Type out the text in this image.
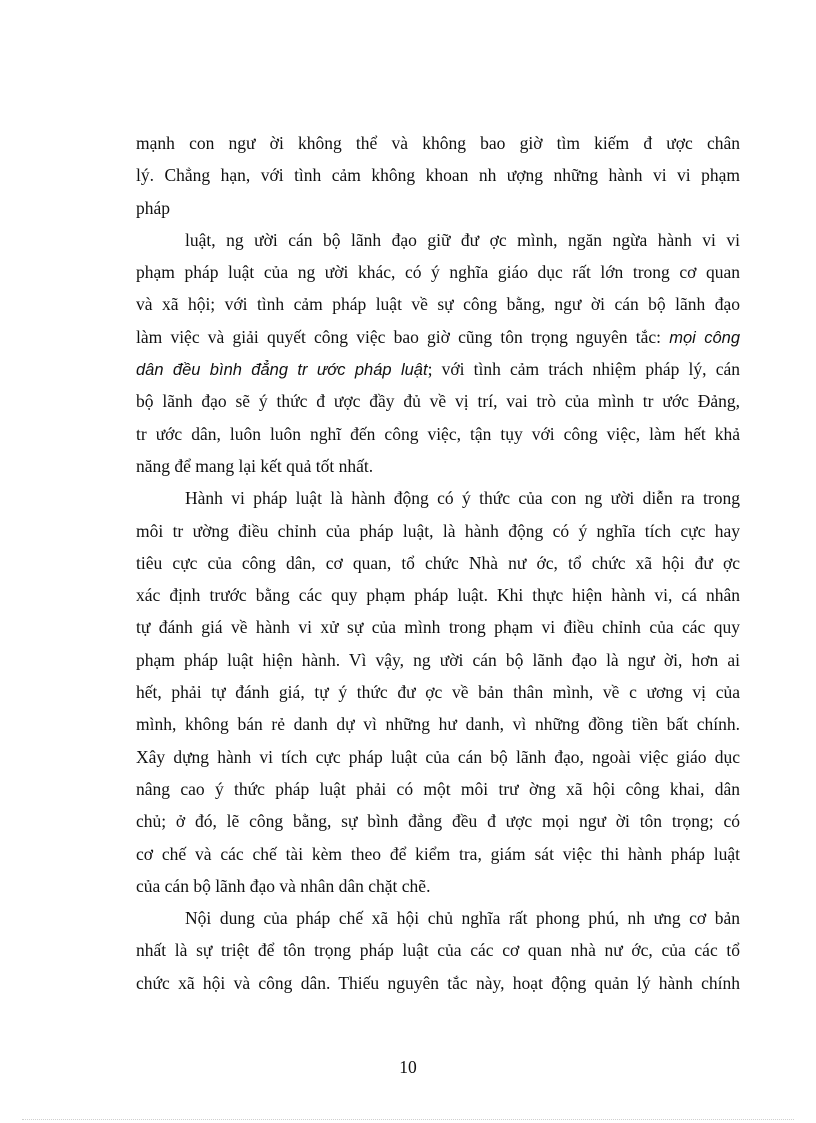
mạnh con ngư ời không thể và không bao giờ tìm kiếm đ ược chân
lý. Chẳng hạn, với tình cảm không khoan nh ượng những hành vi vi phạm
pháp
luật, ng ười cán bộ lãnh đạo giữ đư ợc mình, ngăn ngừa hành vi vi
phạm pháp luật của ng ười khác, có ý nghĩa giáo dục rất lớn trong cơ quan
và xã hội; với tình cảm pháp luật về sự công bằng, ngư ời cán bộ lãnh đạo
làm việc và giải quyết công việc bao giờ cũng tôn trọng nguyên tắc: mọi công
dân đều bình đẳng tr ước pháp luật; với tình cảm trách nhiệm pháp lý, cán
bộ lãnh đạo sẽ ý thức đ ược đầy đủ về vị trí, vai trò của mình tr ước Đảng,
tr ước dân, luôn luôn nghĩ đến công việc, tận tụy với công việc, làm hết khả
năng để mang lại kết quả tốt nhất.
Hành vi pháp luật là hành động có ý thức của con ng ười diễn ra trong
môi tr ường điều chỉnh của pháp luật, là hành động có ý nghĩa tích cực hay
tiêu cực của công dân, cơ quan, tổ chức Nhà nư ớc, tổ chức xã hội đư ợc
xác định trước bằng các quy phạm pháp luật. Khi thực hiện hành vi, cá nhân
tự đánh giá về hành vi xử sự của mình trong phạm vi điều chỉnh của các quy
phạm pháp luật hiện hành. Vì vậy, ng ười cán bộ lãnh đạo là ngư ời, hơn ai
hết, phải tự đánh giá, tự ý thức đư ợc về bản thân mình, về c ương vị của
mình, không bán rẻ danh dự vì những hư danh, vì những đồng tiền bất chính.
Xây dựng hành vi tích cực pháp luật của cán bộ lãnh đạo, ngoài việc giáo dục
nâng cao ý thức pháp luật phải có một môi trư ờng xã hội công khai, dân
chủ; ở đó, lẽ công bằng, sự bình đẳng đều đ ược mọi ngư ời tôn trọng; có
cơ chế và các chế tài kèm theo để kiểm tra, giám sát việc thi hành pháp luật
của cán bộ lãnh đạo và nhân dân chặt chẽ.
Nội dung của pháp chế xã hội chủ nghĩa rất phong phú, nh ưng cơ bản
nhất là sự triệt để tôn trọng pháp luật của các cơ quan nhà nư ớc, của các tổ
chức xã hội và công dân. Thiếu nguyên tắc này, hoạt động quản lý hành chính
10
